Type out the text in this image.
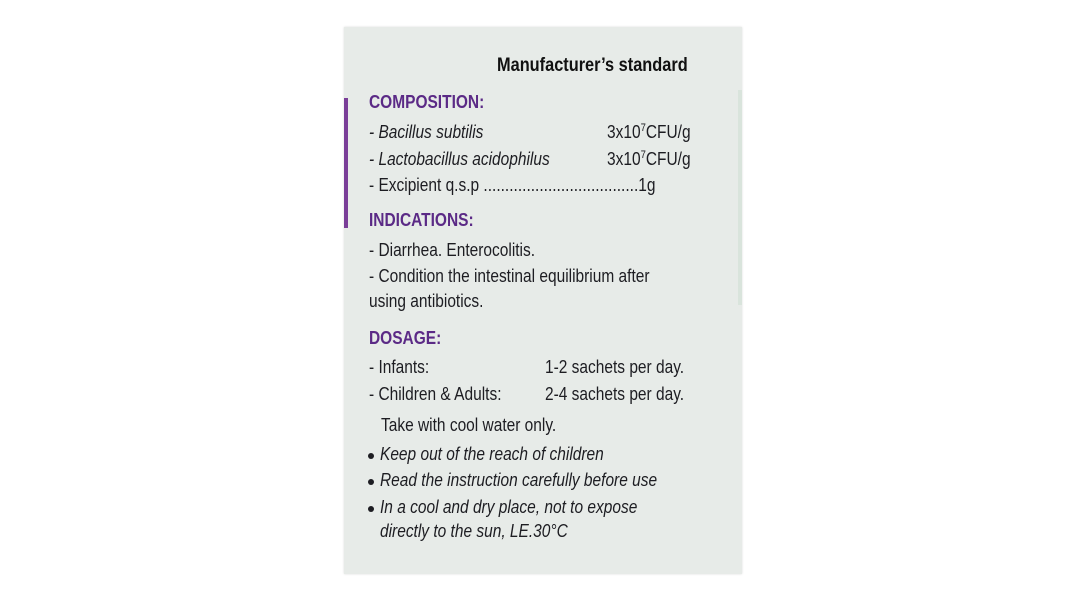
Manufacturer’s standard
COMPOSITION:
- Bacillus subtilis	$3x10^7CFU/g$
- Lactobacillus acidophilus	$3x10^7CFU/g$
- Excipient q.s.p ....................................1g
INDICATIONS:
- Diarrhea. Enterocolitis.
- Condition the intestinal equilibrium after
using antibiotics.
DOSAGE:
- Infants:	1-2 sachets per day.
- Children & Adults: 2-4 sachets per day.
Take with cool water only.
Keep out of the reach of children
Read the instruction carefully before use
In a cool and dry place, not to expose
directly to the sun, LE.30°C
